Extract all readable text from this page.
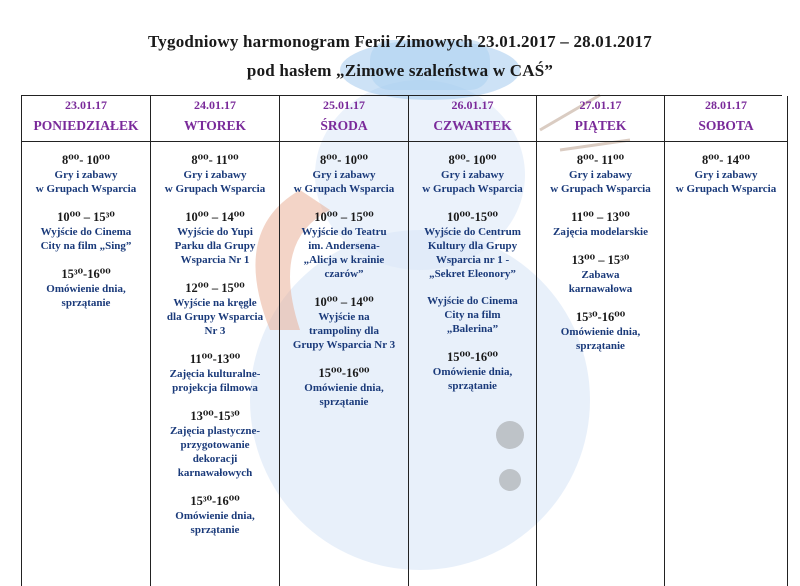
Tygodniowy harmonogram Ferii Zimowych 23.01.2017 – 28.01.2017
pod hasłem „Zimowe szaleństwa w CAŚ”
23.01.17
PONIEDZIAŁEK
8⁰⁰- 10⁰⁰
Gry i zabawy
w Grupach Wsparcia
10⁰⁰ – 15³⁰
Wyjście do Cinema
City na film „Sing”
15³⁰-16⁰⁰
Omówienie dnia,
sprzątanie
24.01.17
WTOREK
8⁰⁰- 11⁰⁰
Gry i zabawy
w Grupach Wsparcia
10⁰⁰ – 14⁰⁰
Wyjście do Yupi
Parku dla Grupy
Wsparcia Nr 1
12⁰⁰ – 15⁰⁰
Wyjście na kręgle
dla Grupy Wsparcia
Nr 3
11⁰⁰-13⁰⁰
Zajęcia kulturalne-
projekcja filmowa
13⁰⁰-15³⁰
Zajęcia plastyczne-
przygotowanie
dekoracji
karnawałowych
15³⁰-16⁰⁰
Omówienie dnia,
sprzątanie
25.01.17
ŚRODA
8⁰⁰- 10⁰⁰
Gry i zabawy
w Grupach Wsparcia
10⁰⁰ – 15⁰⁰
Wyjście do Teatru
im. Andersena-
„Alicja w krainie
czarów”
10⁰⁰ – 14⁰⁰
Wyjście na
trampoliny dla
Grupy Wsparcia Nr 3
15⁰⁰-16⁰⁰
Omówienie dnia,
sprzątanie
26.01.17
CZWARTEK
8⁰⁰- 10⁰⁰
Gry i zabawy
w Grupach Wsparcia
10⁰⁰-15⁰⁰
Wyjście do Centrum
Kultury dla Grupy
Wsparcia nr 1 -
„Sekret Eleonory”
Wyjście do Cinema
City na film
„Balerina”
15⁰⁰-16⁰⁰
Omówienie dnia,
sprzątanie
27.01.17
PIĄTEK
8⁰⁰- 11⁰⁰
Gry i zabawy
w Grupach Wsparcia
11⁰⁰ – 13⁰⁰
Zajęcia modelarskie
13⁰⁰ – 15³⁰
Zabawa
karnawałowa
15³⁰-16⁰⁰
Omówienie dnia,
sprzątanie
28.01.17
SOBOTA
8⁰⁰- 14⁰⁰
Gry i zabawy
w Grupach Wsparcia
